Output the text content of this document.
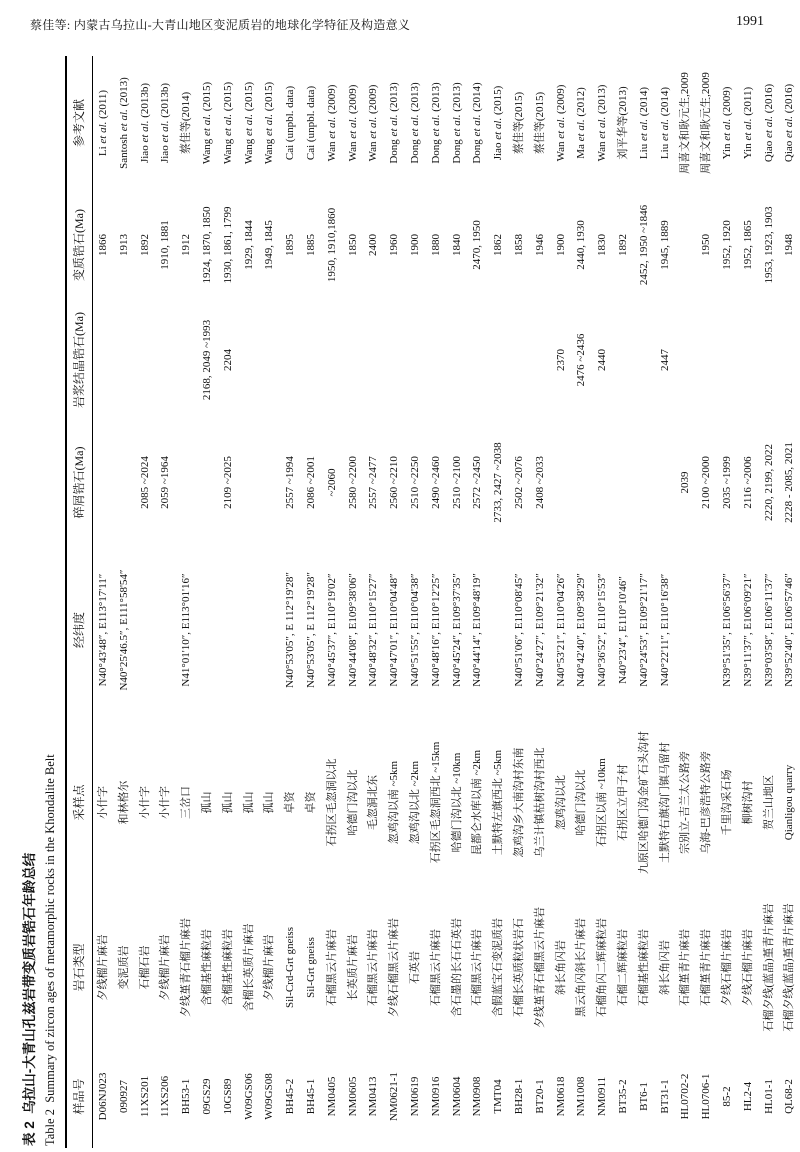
蔡佳等: 内蒙古乌拉山-大青山地区变泥质岩的地球化学特征及构造意义	1991
表 2  乌拉山-大青山孔兹岩带变质岩锆石年龄总结 Table 2  Summary of zircon ages of metamorphic rocks in the Khondalite Belt 样品号	岩石类型	采样点	经纬度	碎屑锆石(Ma)	岩浆结晶锆石(Ma)	变质锆石(Ma)	参考文献
D06NJ023	夕线榴片麻岩	小什字	N40°43'48″, E113°17'11″			1866	Li et al. (2011)
090927	变泥质岩	和林格尔	N40°25'46.5″, E111°58'54″			1913	Santosh et al. (2013)
11XS201	石榴石岩	小什字		2085 ~2024		1892	Jiao et al. (2013b)
11XS206	夕线榴片麻岩	小什字		2059 ~1964		1910, 1881	Jiao et al. (2013b)
BH53-1	夕线堇青石榴片麻岩	三岔口	N41°01'10″, E113°01'16″			1912	蔡佳等(2014)
09GS29	含榴基性麻粒岩	孤山			2168, 2049 ~1993	1924, 1870, 1850	Wang et al. (2015)
10GS89	含榴基性麻粒岩	孤山		2109 ~2025	2204	1930, 1861, 1799	Wang et al. (2015)
W09GS06	含榴长英质片麻岩	孤山				1929, 1844	Wang et al. (2015)
W09GS08	夕线榴片麻岩	孤山				1949, 1845	Wang et al. (2015)
BH45-2	Sil-Crd-Grt gneiss	卓资	N40°53'05″, E 112°19'28″	2557 ~1994		1895	Cai (unpbl. data)
BH45-1	Sil-Grt gneiss	卓资	N40°53'05″, E 112°19'28″	2086 ~2001		1885	Cai (unpbl. data)
NM0405	石榴黑云片麻岩	石拐区毛忽洞以北	N40°45'37″, E110°19'02″	~2060		1950, 1910,1860	Wan et al. (2009)
NM0605	长英质片麻岩	哈德门沟以北	N40°44'08″, E109°38'06″	2580 ~2200		1850	Wan et al. (2009)
NM0413	石榴黑云片麻岩	毛忽洞北东	N40°48'32″, E110°15'27″	2557 ~2477		2400	Wan et al. (2009)
NM0621-1	夕线石榴黑云片麻岩	忽鸡沟以南 ~5km	N40°47'01″, E110°04'48″	2560 ~2210		1960	Dong et al. (2013)
NM0619	石英岩	忽鸡沟以北 ~2km	N40°51'55″, E110°04'38″	2510 ~2250		1900	Dong et al. (2013)
NM0916	石榴黑云片麻岩	石拐区毛忽洞西北 ~15km	N40°48'16″, E110°12'25″	2490 ~2460		1880	Dong et al. (2013)
NM0604	含石墨的长石石英岩	哈德门沟以北 ~10km	N40°45'24″, E109°37'35″	2510 ~2100		1840	Dong et al. (2013)
NM0908	石榴黑云片麻岩	昆都仑水库以南 ~2km	N40°44'14″, E109°48'19″	2572 ~2450		2470, 1950	Dong et al. (2014)
TMT04	含假蓝宝石变泥质岩	土默特左旗西北 ~5km		2733, 2427 ~2038		1862	Jiao et al. (2015)
BH28-1	石榴长英质粒状岩石	忽鸡沟乡大南沟村东南	N40°51'06″, E110°08'45″	2502 ~2076		1858	蔡佳等(2015)
BT20-1	夕线堇青石榴黑云片麻岩	乌兰计镇枯树沟村西北	N40°24'27″, E109°21'32″	2408 ~2033		1946	蔡佳等(2015)
NM0618	斜长角闪岩	忽鸡沟以北	N40°53'21″, E110°04'26″		2370	1900	Wan et al. (2009)
NM1008	黑云角闪斜长片麻岩	哈德门沟以北	N40°42'40″, E109°38'29″		2476 ~2436	2440, 1930	Ma et al. (2012)
NM0911	石榴角闪二辉麻粒岩	石拐区以南 ~10km	N40°36'52″, E110°15'53″		2440	1830	Wan et al. (2013)
BT35-2	石榴二辉麻粒岩	石拐区立甲子村	N40°23'4″, E110°10'46″			1892	刘平华等(2013)
BT6-1	石榴基性麻粒岩	九原区哈德门沟金矿石头沟村	N40°24'53″, E109°21'17″			2452, 1950 ~1846	Liu et al. (2014)
BT31-1	斜长角闪岩	土默特右旗沟门镇马留村	N40°22'11″, E110°16'38″		2447	1945, 1889	Liu et al. (2014)
HL0702-2	石榴堇青片麻岩	宗别立-吉兰太公路旁		2039			周喜文和耿元生,2009
HL0706-1	石榴堇青片麻岩	乌海-巴彦浩特公路旁		2100 ~2000		1950	周喜文和耿元生,2009
85-2	夕线石榴片麻岩	千里沟采石场	N39°51'35″, E106°56'37″	2035 ~1999		1952, 1920	Yin et al. (2009)
HL2-4	夕线石榴片麻岩	柳树沟村	N39°11'37″, E106°09'21″	2116 ~2006		1952, 1865	Yin et al. (2011)
HL01-1	石榴夕线(蓝晶)堇青片麻岩	贺兰山地区	N39°03'58″, E106°11'37″	2220, 2199, 2022		1953, 1923, 1903	Qiao et al. (2016)
QL68-2	石榴夕线(蓝晶)堇青片麻岩	Qianligou quarry	N39°52'40″, E106°57'46″	2228 - 2085, 2021		1948	Qiao et al. (2016)
